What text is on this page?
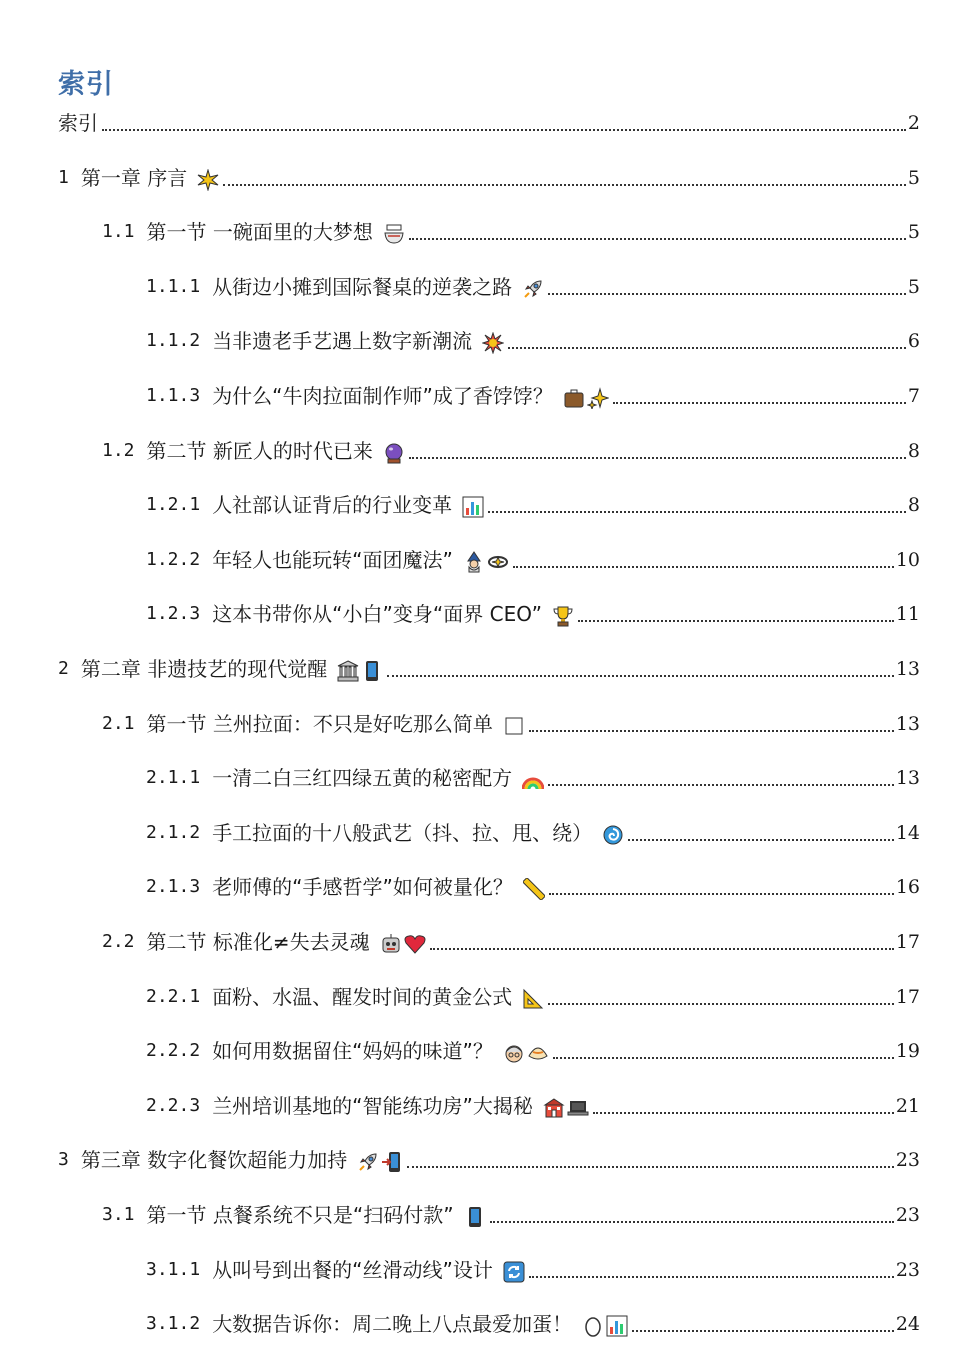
索引
索引	2
1 第一章 序言	5
1.1 第一节 一碗面里的大梦想	5
1.1.1 从街边小摊到国际餐桌的逆袭之路	5
1.1.2 当非遗老手艺遇上数字新潮流	6
1.1.3 为什么“牛肉拉面制作师”成了香饽饽？	7
1.2 第二节 新匠人的时代已来	8
1.2.1 人社部认证背后的行业变革	8
1.2.2 年轻人也能玩转“面团魔法”	10
1.2.3 这本书带你从“小白”变身“面界 CEO”	11
2 第二章 非遗技艺的现代觉醒	13
2.1 第一节 兰州拉面：不只是好吃那么简单	13
2.1.1 一清二白三红四绿五黄的秘密配方	13
2.1.2 手工拉面的十八般武艺（抖、拉、甩、绕）	14
2.1.3 老师傅的“手感哲学”如何被量化？	16
2.2 第二节 标准化≠失去灵魂	17
2.2.1 面粉、水温、醒发时间的黄金公式	17
2.2.2 如何用数据留住“妈妈的味道”？	19
2.2.3 兰州培训基地的“智能练功房”大揭秘	21
3 第三章 数字化餐饮超能力加持	23
3.1 第一节 点餐系统不只是“扫码付款”	23
3.1.1 从叫号到出餐的“丝滑动线”设计	23
3.1.2 大数据告诉你：周二晚上八点最爱加蛋！	24
